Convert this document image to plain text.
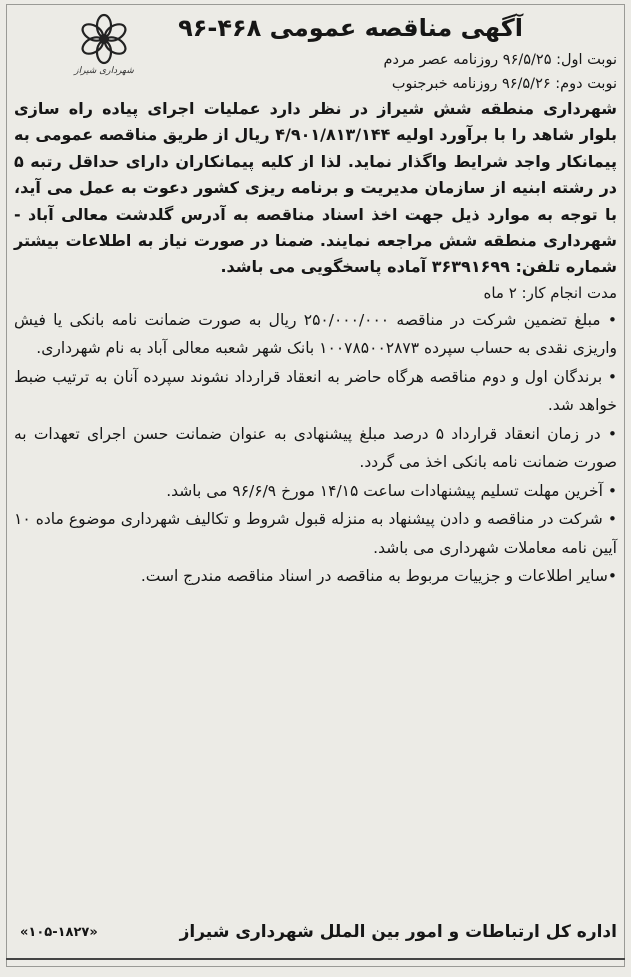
آگهی مناقصه عمومی ۴۶۸-۹۶
شهرداری شیراز

نوبت اول: ۹۶/۵/۲۵ روزنامه عصر مردم

نوبت دوم: ۹۶/۵/۲۶ روزنامه خبرجنوب

شهرداری منطقه شش شیراز در نظر دارد عملیات اجرای پیاده راه سازی بلوار شاهد را با برآورد اولیه ۴/۹۰۱/۸۱۳/۱۴۴ ریال از طریق مناقصه عمومی به پیمانکار واجد شرایط واگذار نماید. لذا از کلیه پیمانکاران دارای حداقل رتبه ۵ در رشته ابنیه از سازمان مدیریت و برنامه ریزی کشور دعوت به عمل می آید، با توجه به موارد ذیل جهت اخذ اسناد مناقصه به آدرس گلدشت معالی آباد - شهرداری منطقه شش مراجعه نمایند. ضمنا در صورت نیاز به اطلاعات بیشتر شماره تلفن: ۳۶۳۹۱۶۹۹ آماده پاسخگویی می باشد.

مدت انجام کار: ۲ ماه

• مبلغ تضمین شرکت در مناقصه ۲۵۰/۰۰۰/۰۰۰ ریال به صورت ضمانت نامه بانکی یا فیش واریزی نقدی به حساب سپرده ۱۰۰۷۸۵۰۰۲۸۷۳ بانک شهر شعبه معالی آباد به نام شهرداری.

• برندگان اول و دوم مناقصه هرگاه حاضر به انعقاد قرارداد نشوند سپرده آنان به ترتیب ضبط خواهد شد.

• در زمان انعقاد قرارداد ۵ درصد مبلغ پیشنهادی به عنوان ضمانت حسن اجرای تعهدات به صورت ضمانت نامه بانکی اخذ می گردد.

• آخرین مهلت تسلیم پیشنهادات ساعت ۱۴/۱۵ مورخ ۹۶/۶/۹ می باشد.

• شرکت در مناقصه و دادن پیشنهاد به منزله قبول شروط و تکالیف شهرداری موضوع ماده ۱۰ آیین نامه معاملات شهرداری می باشد.

•سایر اطلاعات و جزییات مربوط به مناقصه در اسناد مناقصه مندرج است.

اداره کل ارتباطات و امور بین الملل شهرداری شیراز
«۱۰۵-۱۸۲۷»
